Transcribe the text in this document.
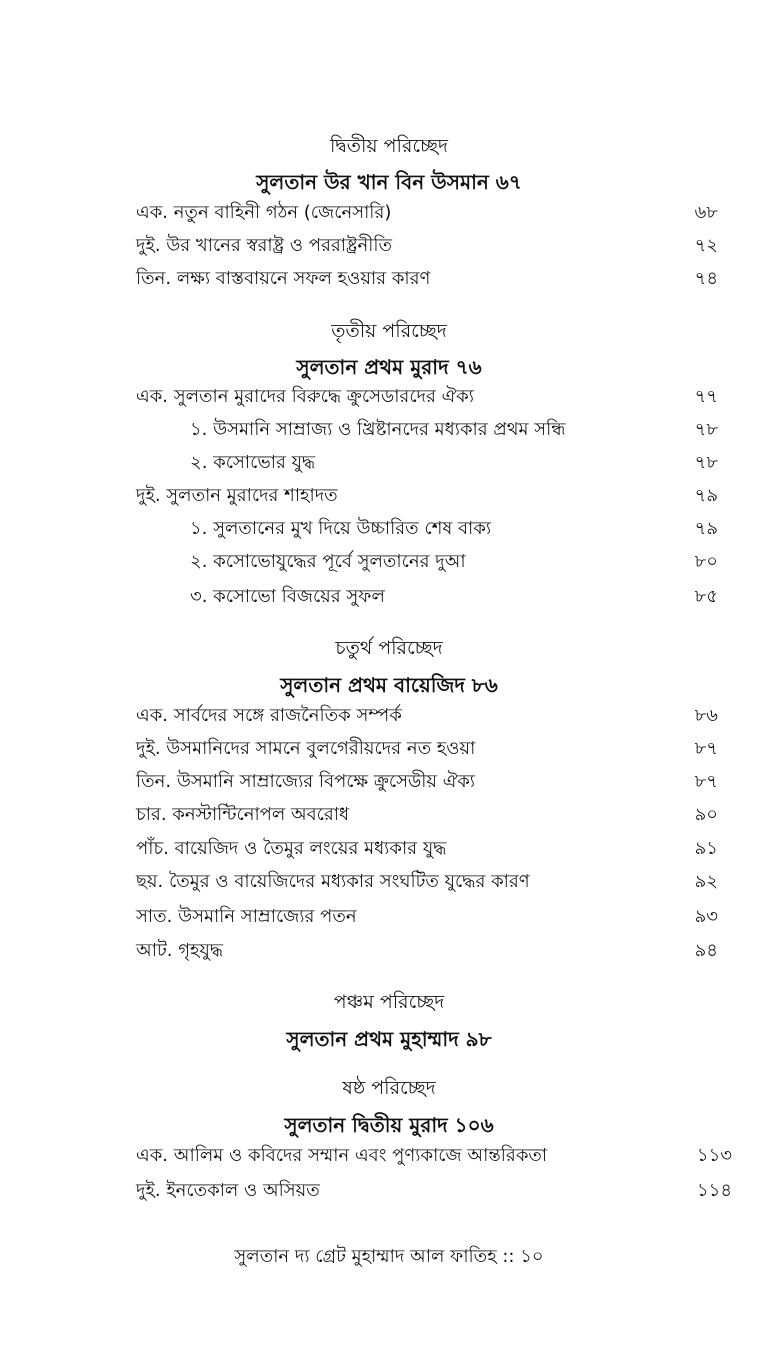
দ্বিতীয় পরিচ্ছেদ
সুলতান উর খান বিন উসমান ৬৭
এক. নতুন বাহিনী গঠন (জেনেসারি)	৬৮
দুই. উর খানের স্বরাষ্ট্র ও পররাষ্ট্রনীতি	৭২
তিন. লক্ষ্য বাস্তবায়নে সফল হওয়ার কারণ	৭৪
তৃতীয় পরিচ্ছেদ
সুলতান প্রথম মুরাদ ৭৬
এক. সুলতান মুরাদের বিরুদ্ধে ক্রুসেডারদের ঐক্য	৭৭
১. উসমানি সাম্রাজ্য ও খ্রিষ্টানদের মধ্যকার প্রথম সন্ধি	৭৮
২. কসোভোর যুদ্ধ	৭৮
দুই. সুলতান মুরাদের শাহাদত	৭৯
১. সুলতানের মুখ দিয়ে উচ্চারিত শেষ বাক্য	৭৯
২. কসোভোযুদ্ধের পূর্বে সুলতানের দুআ	৮০
৩. কসোভো বিজয়ের সুফল	৮৫
চতুর্থ পরিচ্ছেদ
সুলতান প্রথম বায়েজিদ ৮৬
এক. সার্বদের সঙ্গে রাজনৈতিক সম্পর্ক	৮৬
দুই. উসমানিদের সামনে বুলগেরীয়দের নত হওয়া	৮৭
তিন. উসমানি সাম্রাজ্যের বিপক্ষে ক্রুসেডীয় ঐক্য	৮৭
চার. কনস্টান্টিনোপল অবরোধ	৯০
পাঁচ. বায়েজিদ ও তৈমুর লংয়ের মধ্যকার যুদ্ধ	৯১
ছয়. তৈমুর ও বায়েজিদের মধ্যকার সংঘটিত যুদ্ধের কারণ	৯২
সাত. উসমানি সাম্রাজ্যের পতন	৯৩
আট. গৃহযুদ্ধ	৯৪
পঞ্চম পরিচ্ছেদ
সুলতান প্রথম মুহাম্মাদ ৯৮
ষষ্ঠ পরিচ্ছেদ
সুলতান দ্বিতীয় মুরাদ ১০৬
এক. আলিম ও কবিদের সম্মান এবং পুণ্যকাজে আন্তরিকতা	১১৩
দুই. ইনতেকাল ও অসিয়ত	১১৪
সুলতান দ্য গ্রেট মুহাম্মাদ আল ফাতিহ :: ১০
